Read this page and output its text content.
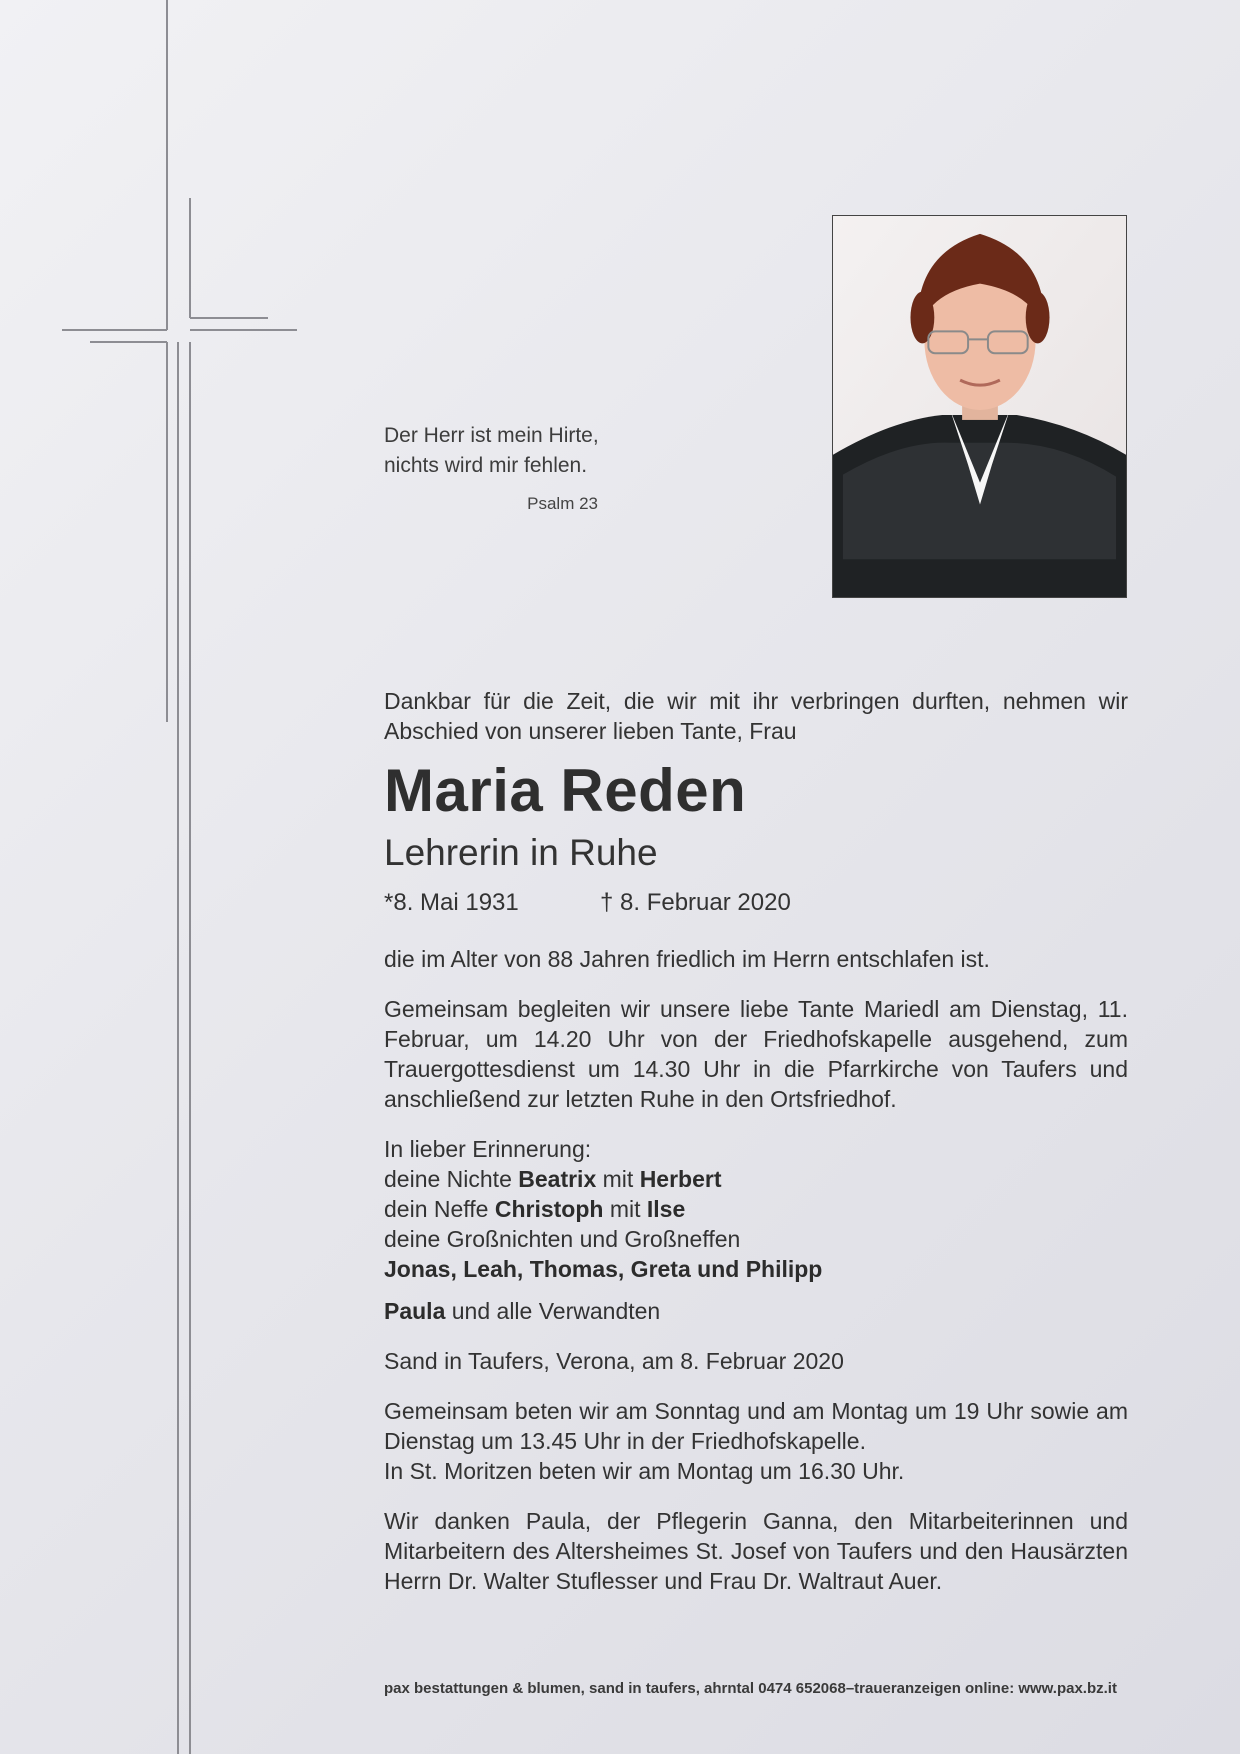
Der Herr ist mein Hirte,
nichts wird mir fehlen.
Psalm 23

Dankbar für die Zeit, die wir mit ihr verbringen durften, nehmen wir Abschied von unserer lieben Tante, Frau

Maria Reden
Lehrerin in Ruhe
*8. Mai 1931	† 8. Februar 2020

die im Alter von 88 Jahren friedlich im Herrn entschlafen ist.

Gemeinsam begleiten wir unsere liebe Tante Mariedl am Dienstag, 11. Februar, um 14.20 Uhr von der Friedhofskapelle ausgehend, zum Trauergottesdienst um 14.30 Uhr in die Pfarrkirche von Taufers und anschließend zur letzten Ruhe in den Ortsfriedhof.

In lieber Erinnerung:

deine Nichte Beatrix mit Herbert

dein Neffe Christoph mit Ilse

deine Großnichten und Großneffen

Jonas, Leah, Thomas, Greta und Philipp

Paula und alle Verwandten

Sand in Taufers, Verona, am 8. Februar 2020

Gemeinsam beten wir am Sonntag und am Montag um 19 Uhr sowie am Dienstag um 13.45 Uhr in der Friedhofskapelle.

In St. Moritzen beten wir am Montag um 16.30 Uhr.

Wir danken Paula, der Pflegerin Ganna, den Mitarbeiterinnen und Mitarbeitern des Altersheimes St. Josef von Taufers und den Hausärzten Herrn Dr. Walter Stuflesser und Frau Dr. Waltraut Auer.

pax bestattungen & blumen, sand in taufers, ahrntal 0474 652068–traueranzeigen online: www.pax.bz.it
